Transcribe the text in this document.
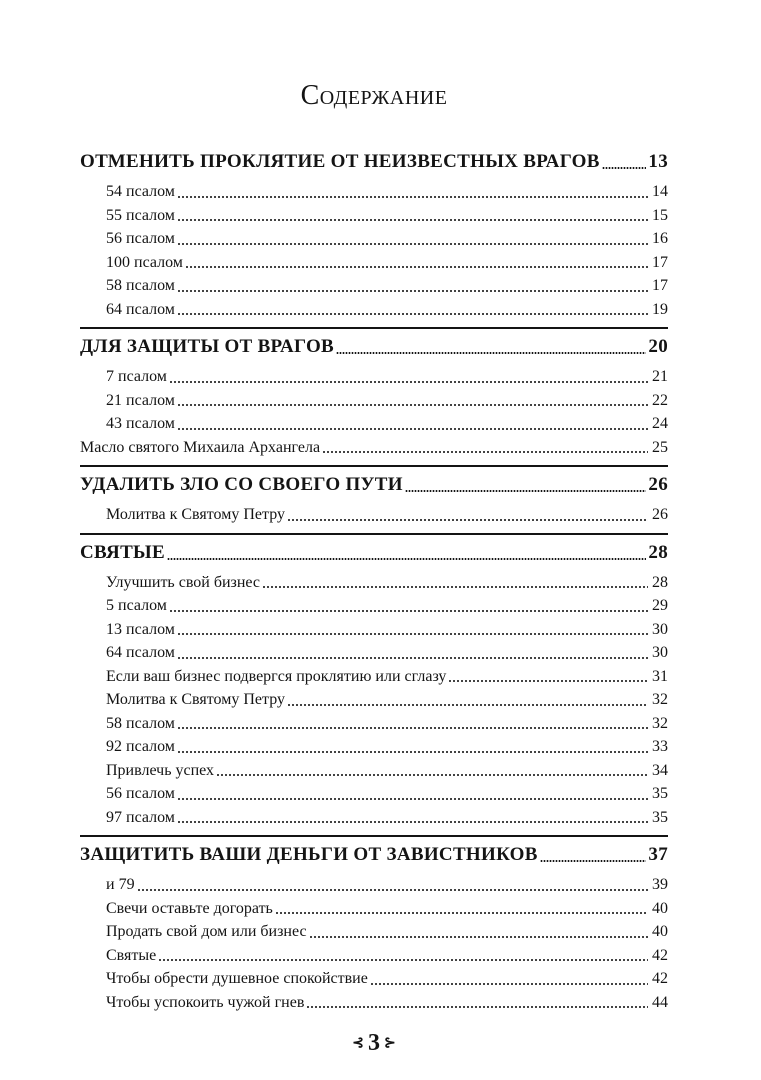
Содержание
ОТМЕНИТЬ ПРОКЛЯТИЕ ОТ НЕИЗВЕСТНЫХ ВРАГОВ	13
54 псалом	14
55 псалом	15
56 псалом	16
100 псалом	17
58 псалом	17
64 псалом	19
ДЛЯ ЗАЩИТЫ ОТ ВРАГОВ	20
7 псалом	21
21 псалом	22
43 псалом	24
Масло святого Михаила Архангела	25
УДАЛИТЬ ЗЛО СО СВОЕГО ПУТИ	26
Молитва к Святому Петру	26
СВЯТЫЕ	28
Улучшить свой бизнес	28
5 псалом	29
13 псалом	30
64 псалом	30
Если ваш бизнес подвергся проклятию или сглазу	31
Молитва к Святому Петру	32
58 псалом	32
92 псалом	33
Привлечь успех	34
56 псалом	35
97 псалом	35
ЗАЩИТИТЬ ВАШИ ДЕНЬГИ ОТ ЗАВИСТНИКОВ	37
и 79	39
Свечи оставьте догорать	40
Продать свой дом или бизнес	40
Святые	42
Чтобы обрести душевное спокойствие	42
Чтобы успокоить чужой гнев	44
⊰ 3 ⊱
